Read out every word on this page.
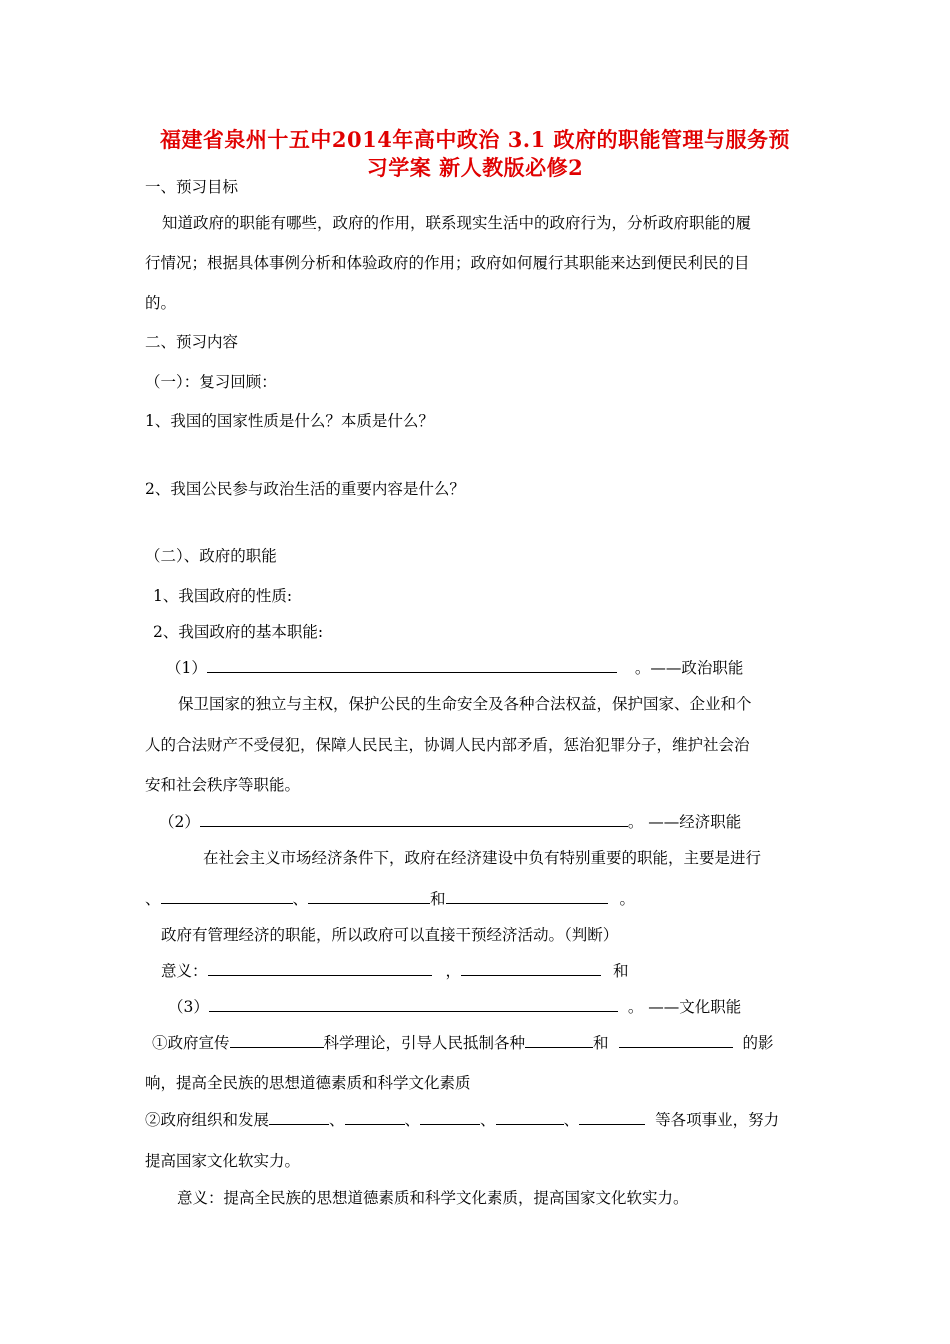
福建省泉州十五中2014年高中政治 3.1 政府的职能管理与服务预
习学案 新人教版必修2
一、预习目标
知道政府的职能有哪些，政府的作用，联系现实生活中的政府行为，分析政府职能的履
行情况；根据具体事例分析和体验政府的作用；政府如何履行其职能来达到便民利民的目
的。
二、预习内容
（一）：复习回顾：
1、我国的国家性质是什么？本质是什么？
2、我国公民参与政治生活的重要内容是什么？
（二）、政府的职能
1、我国政府的性质:
2、我国政府的基本职能:
（1）	。——政治职能
保卫国家的独立与主权，保护公民的生命安全及各种合法权益，保护国家、企业和个
人的合法财产不受侵犯，保障人民民主，协调人民内部矛盾，惩治犯罪分子，维护社会治
安和社会秩序等职能。
（2）	。 ——经济职能
在社会主义市场经济条件下，政府在经济建设中负有特别重要的职能，主要是进行
、	、	和	。
政府有管理经济的职能，所以政府可以直接干预经济活动。（判断）
意义：	，	和
（3）	。 ——文化职能
①政府宣传	科学理论，引导人民抵制各种	和	的影
响，提高全民族的思想道德素质和科学文化素质
②政府组织和发展	、	、	、	、	等各项事业，努力
提高国家文化软实力。
意义：提高全民族的思想道德素质和科学文化素质，提高国家文化软实力。
